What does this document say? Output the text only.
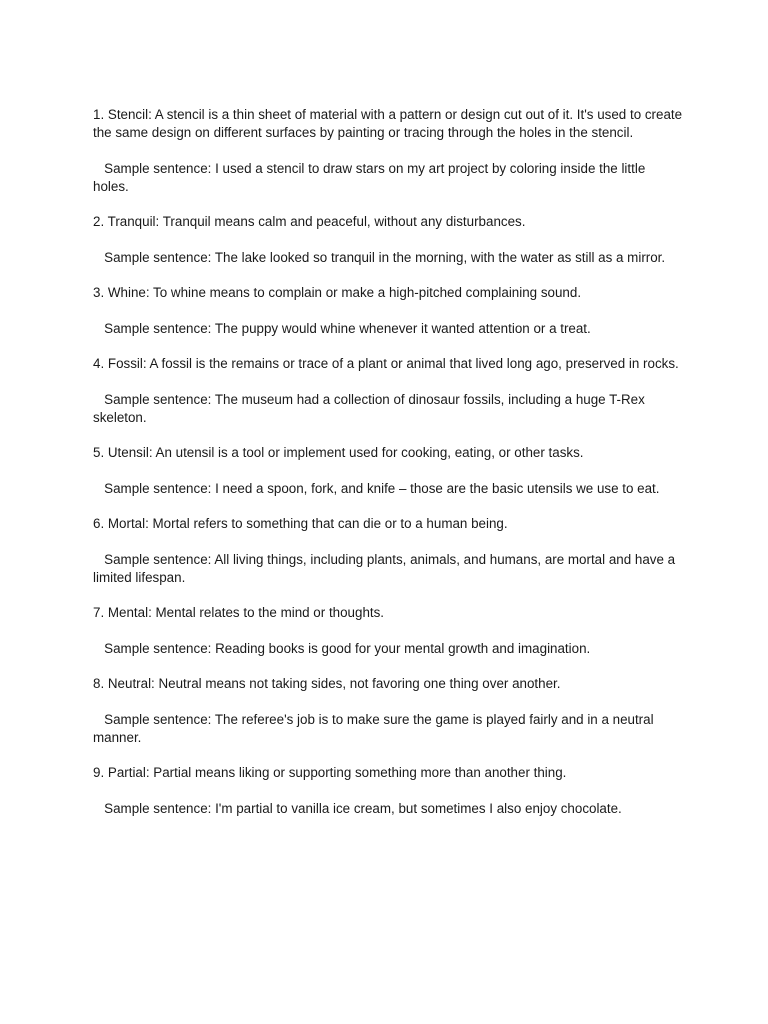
1. Stencil: A stencil is a thin sheet of material with a pattern or design cut out of it. It's used to create the same design on different surfaces by painting or tracing through the holes in the stencil.

Sample sentence: I used a stencil to draw stars on my art project by coloring inside the little holes.

2. Tranquil: Tranquil means calm and peaceful, without any disturbances.

Sample sentence: The lake looked so tranquil in the morning, with the water as still as a mirror.

3. Whine: To whine means to complain or make a high-pitched complaining sound.

Sample sentence: The puppy would whine whenever it wanted attention or a treat.

4. Fossil: A fossil is the remains or trace of a plant or animal that lived long ago, preserved in rocks.

Sample sentence: The museum had a collection of dinosaur fossils, including a huge T-Rex skeleton.

5. Utensil: An utensil is a tool or implement used for cooking, eating, or other tasks.

Sample sentence: I need a spoon, fork, and knife – those are the basic utensils we use to eat.

6. Mortal: Mortal refers to something that can die or to a human being.

Sample sentence: All living things, including plants, animals, and humans, are mortal and have a limited lifespan.

7. Mental: Mental relates to the mind or thoughts.

Sample sentence: Reading books is good for your mental growth and imagination.

8. Neutral: Neutral means not taking sides, not favoring one thing over another.

Sample sentence: The referee's job is to make sure the game is played fairly and in a neutral manner.

9. Partial: Partial means liking or supporting something more than another thing.

Sample sentence: I'm partial to vanilla ice cream, but sometimes I also enjoy chocolate.
